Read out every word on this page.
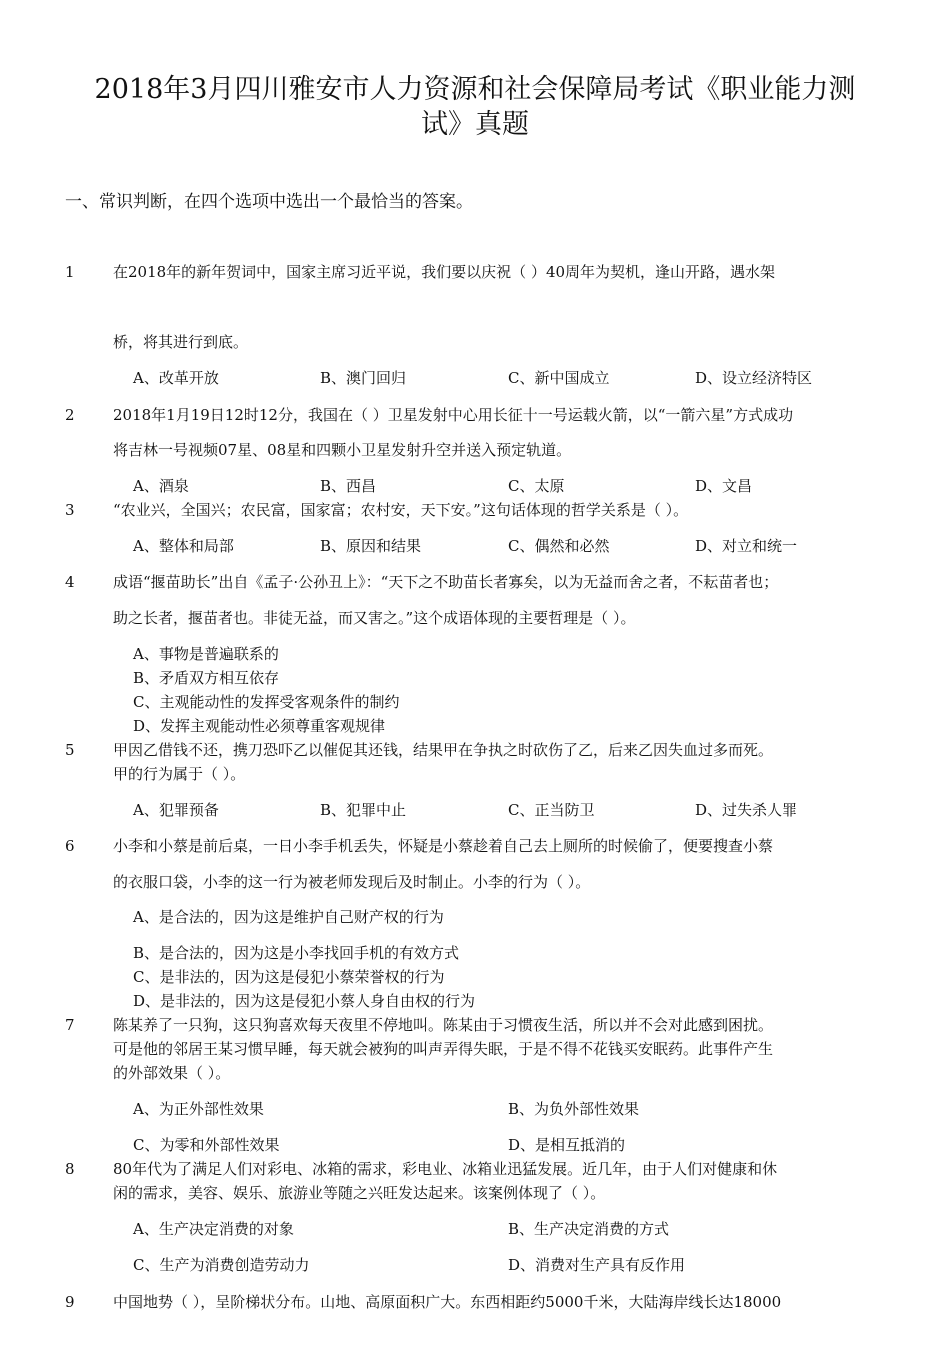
2018年3月四川雅安市人力资源和社会保障局考试《职业能力测
试》真题

一、常识判断，在四个选项中选出一个最恰当的答案。

1	在2018年的新年贺词中，国家主席习近平说，我们要以庆祝（ ）40周年为契机，逢山开路，遇水架
桥，将其进行到底。
A、改革开放	B、澳门回归	C、新中国成立	D、设立经济特区
2	2018年1月19日12时12分，我国在（ ）卫星发射中心用长征十一号运载火箭，以“一箭六星”方式成功
将吉林一号视频07星、08星和四颗小卫星发射升空并送入预定轨道。
A、酒泉	B、西昌	C、太原	D、文昌
3	“农业兴，全国兴；农民富，国家富；农村安，天下安。”这句话体现的哲学关系是（ ）。
A、整体和局部	B、原因和结果	C、偶然和必然	D、对立和统一
4	成语“揠苗助长”出自《孟子·公孙丑上》：“天下之不助苗长者寡矣，以为无益而舍之者，不耘苗者也；
助之长者，揠苗者也。非徒无益，而又害之。”这个成语体现的主要哲理是（ ）。
A、事物是普遍联系的
B、矛盾双方相互依存
C、主观能动性的发挥受客观条件的制约
D、发挥主观能动性必须尊重客观规律
5	甲因乙借钱不还，携刀恐吓乙以催促其还钱，结果甲在争执之时砍伤了乙，后来乙因失血过多而死。
甲的行为属于（ ）。
A、犯罪预备	B、犯罪中止	C、正当防卫	D、过失杀人罪
6	小李和小蔡是前后桌，一日小李手机丢失，怀疑是小蔡趁着自己去上厕所的时候偷了，便要搜查小蔡
的衣服口袋，小李的这一行为被老师发现后及时制止。小李的行为（ ）。
A、是合法的，因为这是维护自己财产权的行为
B、是合法的，因为这是小李找回手机的有效方式
C、是非法的，因为这是侵犯小蔡荣誉权的行为
D、是非法的，因为这是侵犯小蔡人身自由权的行为
7	陈某养了一只狗，这只狗喜欢每天夜里不停地叫。陈某由于习惯夜生活，所以并不会对此感到困扰。
可是他的邻居王某习惯早睡，每天就会被狗的叫声弄得失眠，于是不得不花钱买安眠药。此事件产生
的外部效果（ ）。
A、为正外部性效果	B、为负外部性效果
C、为零和外部性效果	D、是相互抵消的
8	80年代为了满足人们对彩电、冰箱的需求，彩电业、冰箱业迅猛发展。近几年，由于人们对健康和休
闲的需求，美容、娱乐、旅游业等随之兴旺发达起来。该案例体现了（ ）。
A、生产决定消费的对象	B、生产决定消费的方式
C、生产为消费创造劳动力	D、消费对生产具有反作用
9	中国地势（ ），呈阶梯状分布。山地、高原面积广大。东西相距约5000千米，大陆海岸线长达18000
